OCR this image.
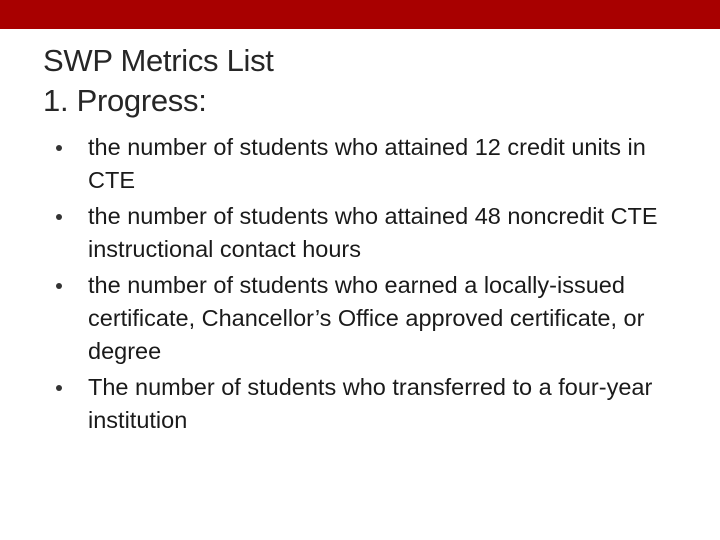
SWP Metrics List
1. Progress:
the number of students who attained 12 credit units in CTE
the number of students who attained 48 noncredit CTE instructional contact hours
the number of students who earned a locally-issued certificate, Chancellor’s Office approved certificate, or degree
The number of students who transferred to a four-year institution
